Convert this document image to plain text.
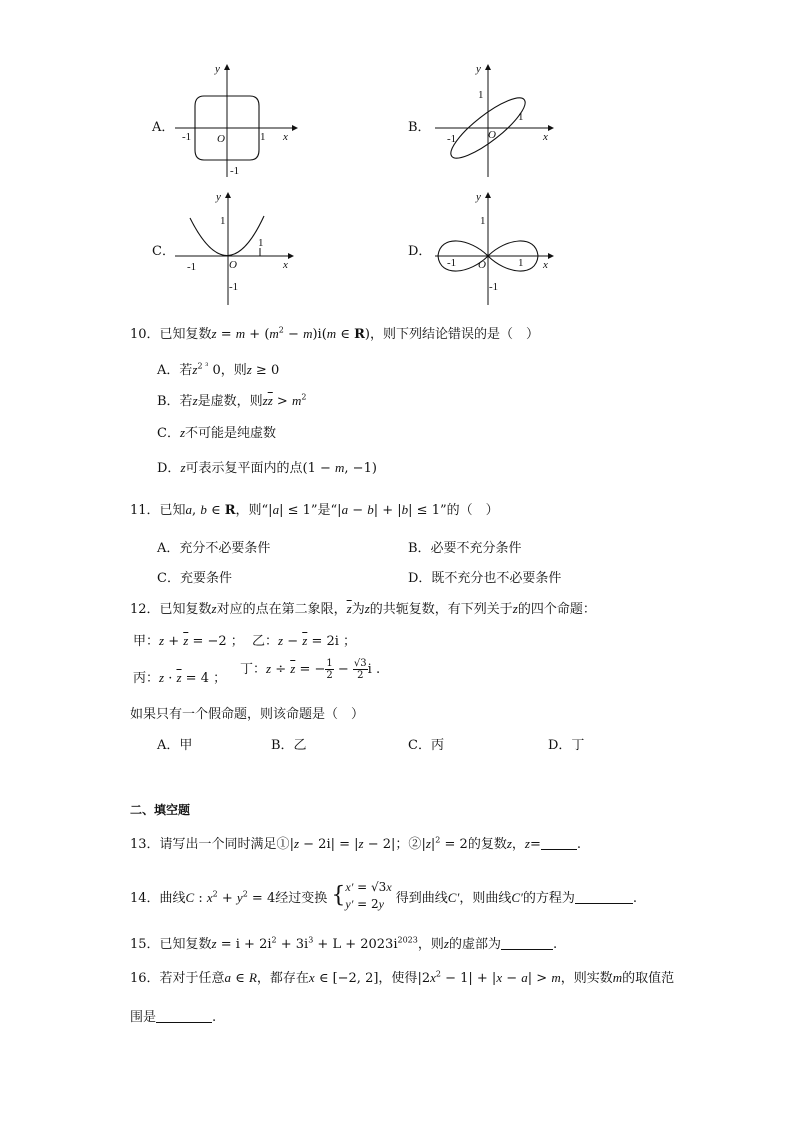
A．
y
x
O
-1	1
-1
B．
y
x
O
-1
1
1
C．
y
x
O
-1
1
1
-1
D．
y
x
O
-1	1
1
-1
10．已知复数$z = m + (m^2 - m)i(m$ ∈ R)，则下列结论错误的是（　）
A．若$z^{2 ^3}$ 0，则z ≥ 0
B．若z是虚数，则$z\overline{z} > m^2$
C．z不可能是纯虚数
D．z可表示复平面内的点(1 − m, −1)
11．已知a, b ∈ R，则“|a| ≤ 1”是“|a − b| + |b| ≤ 1”的（　）
A．充分不必要条件	B．必要不充分条件
C．充要条件	D．既不充分也不必要条件
12．已知复数z对应的点在第二象限，$\overline{z}$为z的共轭复数，有下列关于z的四个命题：
甲：$z + \overline{z} = -2$ ； 乙：$z - \overline{z} = 2i$ ；
丙：$z \cdot \overline{z} = 4$ ；
丁：$z \div \overline{z}$ = − $\frac{1}{2} - \frac{√3}{2}$ i .
如果只有一个假命题，则该命题是（　）
A．甲	B．乙	C．丙	D．丁
二、填空题
13．请写出一个同时满足①|z − 2i| = |z − 2|；$②|z|^2 = 2$的复数z，z=	.
14．曲线C : $x^2 + y^2 = 4$经过变换 { x′ = √3x
y′ = 2y 得到曲线C′，则曲线C′的方程为	.
15．已知复数$z = i + 2i^2 + 3i^3 + L + 2023i^{2023}$，则z的虚部为	.
16．若对于任意a ∈ R，都存在x ∈ [−2, 2]，使得$|2x^2 - 1| + |x - a| > m$，则实数m的取值范
围是	.
